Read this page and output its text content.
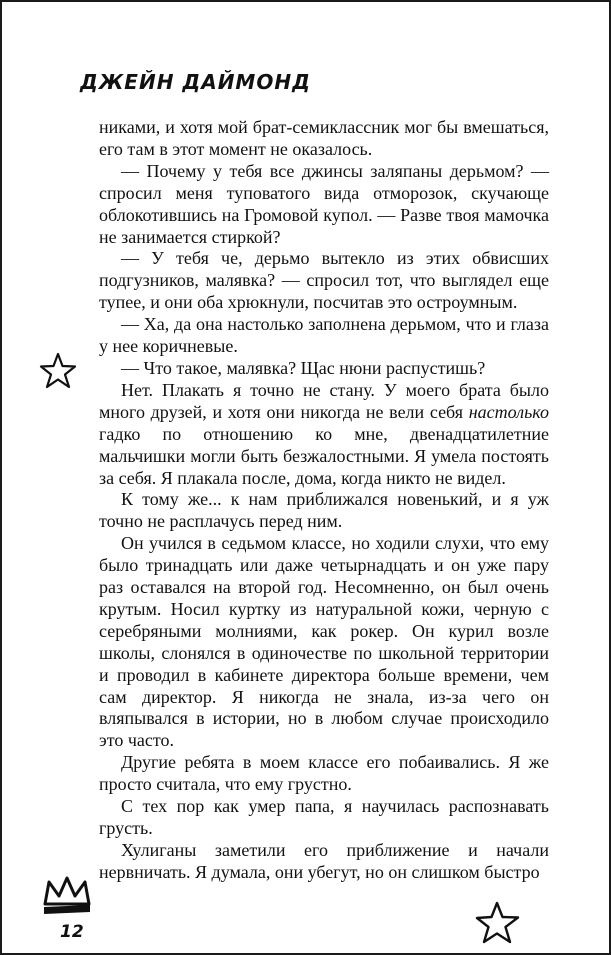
ДЖЕЙН ДАЙМОНД

никами, и хотя мой брат-семиклассник мог бы вмешаться, его там в этот момент не оказалось.

— Почему у тебя все джинсы заляпаны дерьмом? — спросил меня туповатого вида отморозок, скучающе облокотившись на Громовой купол. — Разве твоя мамочка не занимается стиркой?

— У тебя че, дерьмо вытекло из этих обвисших подгузников, малявка? — спросил тот, что выглядел еще тупее, и они оба хрюкнули, посчитав это остроумным.

— Ха, да она настолько заполнена дерьмом, что и глаза у нее коричневые.

— Что такое, малявка? Щас нюни распустишь?

Нет. Плакать я точно не стану. У моего брата было много друзей, и хотя они никогда не вели себя настолько гадко по отношению ко мне, двенадцатилетние мальчишки могли быть безжалостными. Я умела постоять за себя. Я плакала после, дома, когда никто не видел.

К тому же... к нам приближался новенький, и я уж точно не расплачусь перед ним.

Он учился в седьмом классе, но ходили слухи, что ему было тринадцать или даже четырнадцать и он уже пару раз оставался на второй год. Несомненно, он был очень крутым. Носил куртку из натуральной кожи, черную с серебряными молниями, как рокер. Он курил возле школы, слонялся в одиночестве по школьной территории и проводил в кабинете директора больше времени, чем сам директор. Я никогда не знала, из-за чего он вляпывался в истории, но в любом случае происходило это часто.

Другие ребята в моем классе его побаивались. Я же просто считала, что ему грустно.

С тех пор как умер папа, я научилась распознавать грусть.

Хулиганы заметили его приближение и начали нервничать. Я думала, они убегут, но он слишком быстро

12
